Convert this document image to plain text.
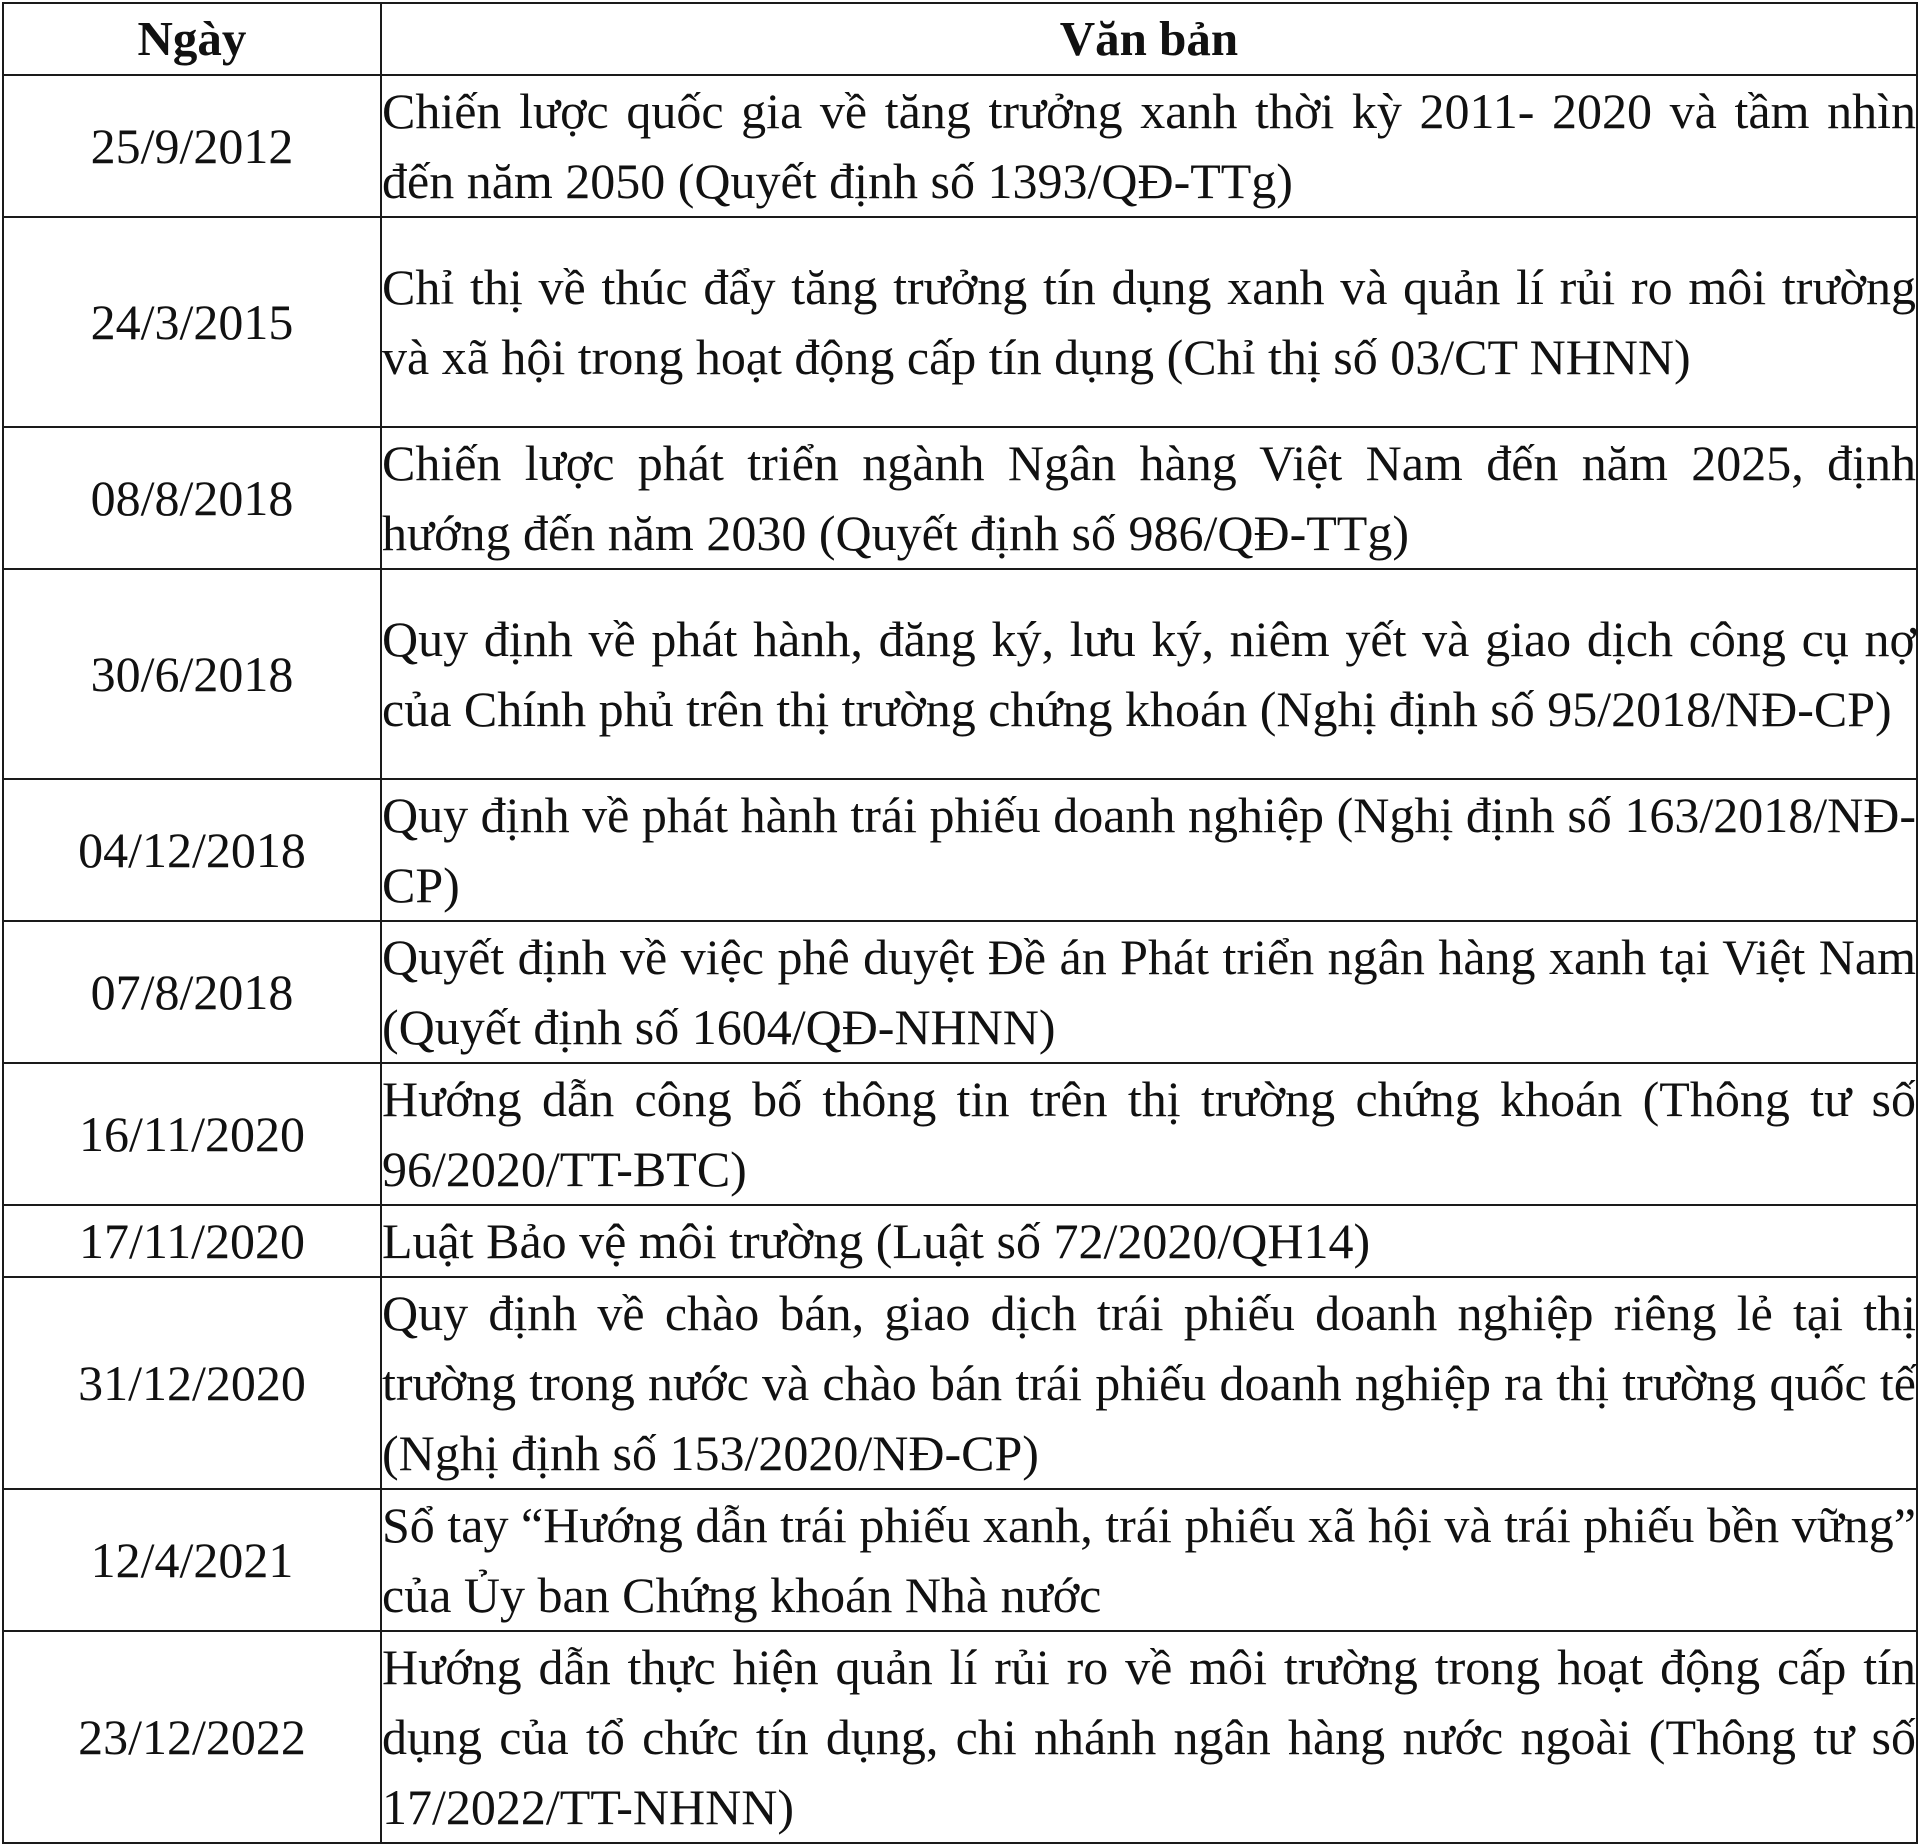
Ngày	Văn bản
25/9/2012	Chiến lược quốc gia về tăng trưởng xanh thời kỳ 2011- 2020 và tầm nhìn đến năm 2050 (Quyết định số 1393/QĐ-TTg)
24/3/2015	Chỉ thị về thúc đẩy tăng trưởng tín dụng xanh và quản lí rủi ro môi trường và xã hội trong hoạt động cấp tín dụng (Chỉ thị số 03/CT NHNN)
08/8/2018	Chiến lược phát triển ngành Ngân hàng Việt Nam đến năm 2025, định hướng đến năm 2030 (Quyết định số 986/QĐ-TTg)
30/6/2018	Quy định về phát hành, đăng ký, lưu ký, niêm yết và giao dịch công cụ nợ của Chính phủ trên thị trường chứng khoán (Nghị định số 95/2018/NĐ-CP)
04/12/2018	Quy định về phát hành trái phiếu doanh nghiệp (Nghị định số 163/2018/NĐ-CP)
07/8/2018	Quyết định về việc phê duyệt Đề án Phát triển ngân hàng xanh tại Việt Nam (Quyết định số 1604/QĐ-NHNN)
16/11/2020	Hướng dẫn công bố thông tin trên thị trường chứng khoán (Thông tư số 96/2020/TT-BTC)
17/11/2020	Luật Bảo vệ môi trường (Luật số 72/2020/QH14)
31/12/2020	Quy định về chào bán, giao dịch trái phiếu doanh nghiệp riêng lẻ tại thị trường trong nước và chào bán trái phiếu doanh nghiệp ra thị trường quốc tế (Nghị định số 153/2020/NĐ-CP)
12/4/2021	Sổ tay “Hướng dẫn trái phiếu xanh, trái phiếu xã hội và trái phiếu bền vững” của Ủy ban Chứng khoán Nhà nước
23/12/2022	Hướng dẫn thực hiện quản lí rủi ro về môi trường trong hoạt động cấp tín dụng của tổ chức tín dụng, chi nhánh ngân hàng nước ngoài (Thông tư số 17/2022/TT-NHNN)
